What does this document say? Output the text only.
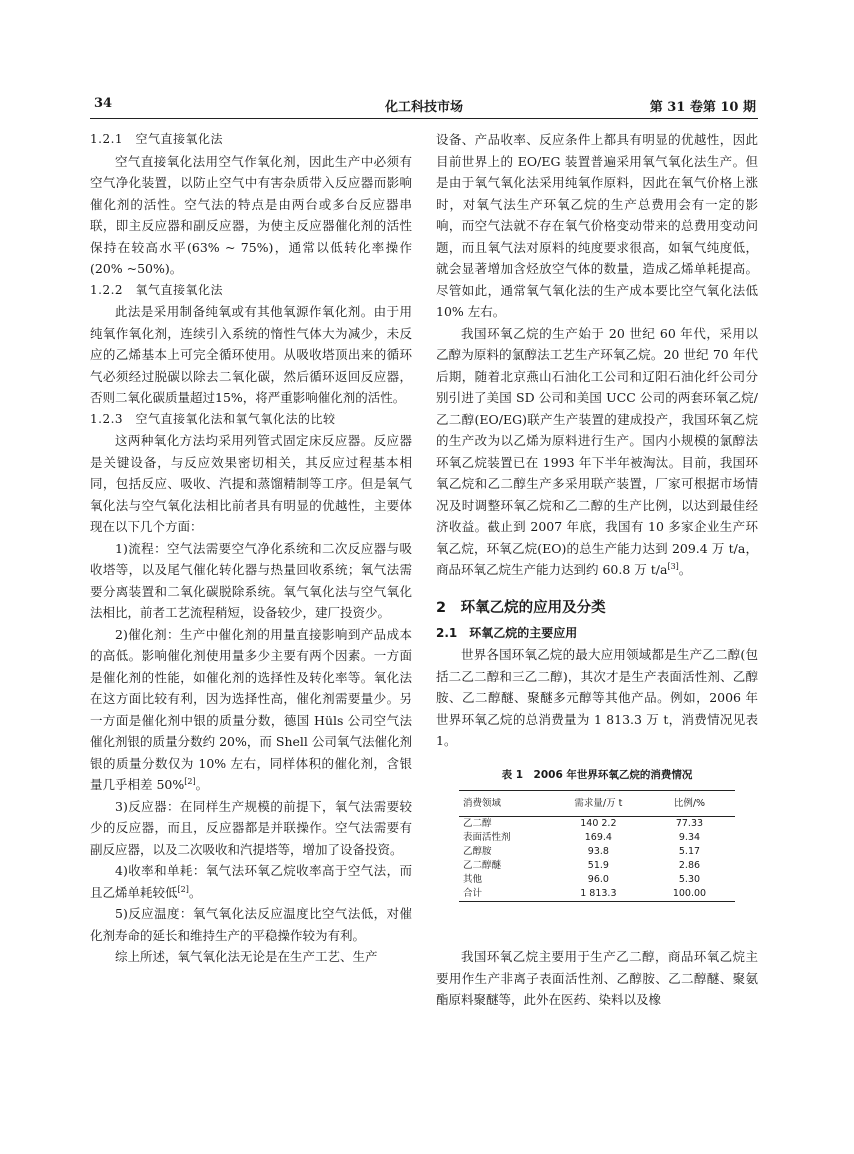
34	化工科技市场	第 31 卷第 10 期

1.2.1　空气直接氧化法

空气直接氧化法用空气作氧化剂，因此生产中必须有空气净化装置，以防止空气中有害杂质带入反应器而影响催化剂的活性。空气法的特点是由两台或多台反应器串联，即主反应器和副反应器，为使主反应器催化剂的活性保持在较高水平(63% ~ 75%)，通常以低转化率操作(20% ~50%)。

1.2.2　氧气直接氧化法

此法是采用制备纯氧或有其他氧源作氧化剂。由于用纯氧作氧化剂，连续引入系统的惰性气体大为减少，未反应的乙烯基本上可完全循环使用。从吸收塔顶出来的循环气必须经过脱碳以除去二氧化碳，然后循环返回反应器，否则二氧化碳质量超过15%，将严重影响催化剂的活性。

1.2.3　空气直接氧化法和氧气氧化法的比较

这两种氧化方法均采用列管式固定床反应器。反应器是关键设备，与反应效果密切相关，其反应过程基本相同，包括反应、吸收、汽提和蒸馏精制等工序。但是氧气氧化法与空气氧化法相比前者具有明显的优越性，主要体现在以下几个方面：

1)流程：空气法需要空气净化系统和二次反应器与吸收塔等，以及尾气催化转化器与热量回收系统；氧气法需要分离装置和二氧化碳脱除系统。氧气氧化法与空气氧化法相比，前者工艺流程稍短，设备较少，建厂投资少。

2)催化剂：生产中催化剂的用量直接影响到产品成本的高低。影响催化剂使用量多少主要有两个因素。一方面是催化剂的性能，如催化剂的选择性及转化率等。氧化法在这方面比较有利，因为选择性高，催化剂需要量少。另一方面是催化剂中银的质量分数，德国 Hüls 公司空气法催化剂银的质量分数约 20%，而 Shell 公司氧气法催化剂银的质量分数仅为 10% 左右，同样体积的催化剂，含银量几乎相差 50%[2]。

3)反应器：在同样生产规模的前提下，氧气法需要较少的反应器，而且，反应器都是并联操作。空气法需要有副反应器，以及二次吸收和汽提塔等，增加了设备投资。

4)收率和单耗：氧气法环氧乙烷收率高于空气法，而且乙烯单耗较低[2]。

5)反应温度：氧气氧化法反应温度比空气法低，对催化剂寿命的延长和维持生产的平稳操作较为有利。

综上所述，氧气氧化法无论是在生产工艺、生产

设备、产品收率、反应条件上都具有明显的优越性，因此目前世界上的 EO/EG 装置普遍采用氧气氧化法生产。但是由于氧气氧化法采用纯氧作原料，因此在氧气价格上涨时，对氧气法生产环氧乙烷的生产总费用会有一定的影响，而空气法就不存在氧气价格变动带来的总费用变动问题，而且氧气法对原料的纯度要求很高，如氧气纯度低，就会显著增加含烃放空气体的数量，造成乙烯单耗提高。尽管如此，通常氧气氧化法的生产成本要比空气氧化法低 10% 左右。

我国环氧乙烷的生产始于 20 世纪 60 年代，采用以乙醇为原料的氯醇法工艺生产环氧乙烷。20 世纪 70 年代后期，随着北京燕山石油化工公司和辽阳石油化纤公司分别引进了美国 SD 公司和美国 UCC 公司的两套环氧乙烷/乙二醇(EO/EG)联产生产装置的建成投产，我国环氧乙烷的生产改为以乙烯为原料进行生产。国内小规模的氯醇法环氧乙烷装置已在 1993 年下半年被淘汰。目前，我国环氧乙烷和乙二醇生产多采用联产装置，厂家可根据市场情况及时调整环氧乙烷和乙二醇的生产比例，以达到最佳经济收益。截止到 2007 年底，我国有 10 多家企业生产环氧乙烷，环氧乙烷(EO)的总生产能力达到 209.4 万 t/a，商品环氧乙烷生产能力达到约 60.8 万 t/a[3]。

2　环氧乙烷的应用及分类

2.1　环氧乙烷的主要应用

世界各国环氧乙烷的最大应用领域都是生产乙二醇(包括二乙二醇和三乙二醇)，其次才是生产表面活性剂、乙醇胺、乙二醇醚、聚醚多元醇等其他产品。例如，2006 年世界环氧乙烷的总消费量为 1 813.3 万 t，消费情况见表 1。

表 1　2006 年世界环氧乙烷的消费情况

消费领域	需求量/万 t	比例/%
乙二醇	140 2.2	77.33
表面活性剂	169.4	9.34
乙醇胺	93.8	5.17
乙二醇醚	51.9	2.86
其他	96.0	5.30
合计	1 813.3	100.00

我国环氧乙烷主要用于生产乙二醇，商品环氧乙烷主要用作生产非离子表面活性剂、乙醇胺、乙二醇醚、聚氨酯原料聚醚等，此外在医药、染料以及橡
